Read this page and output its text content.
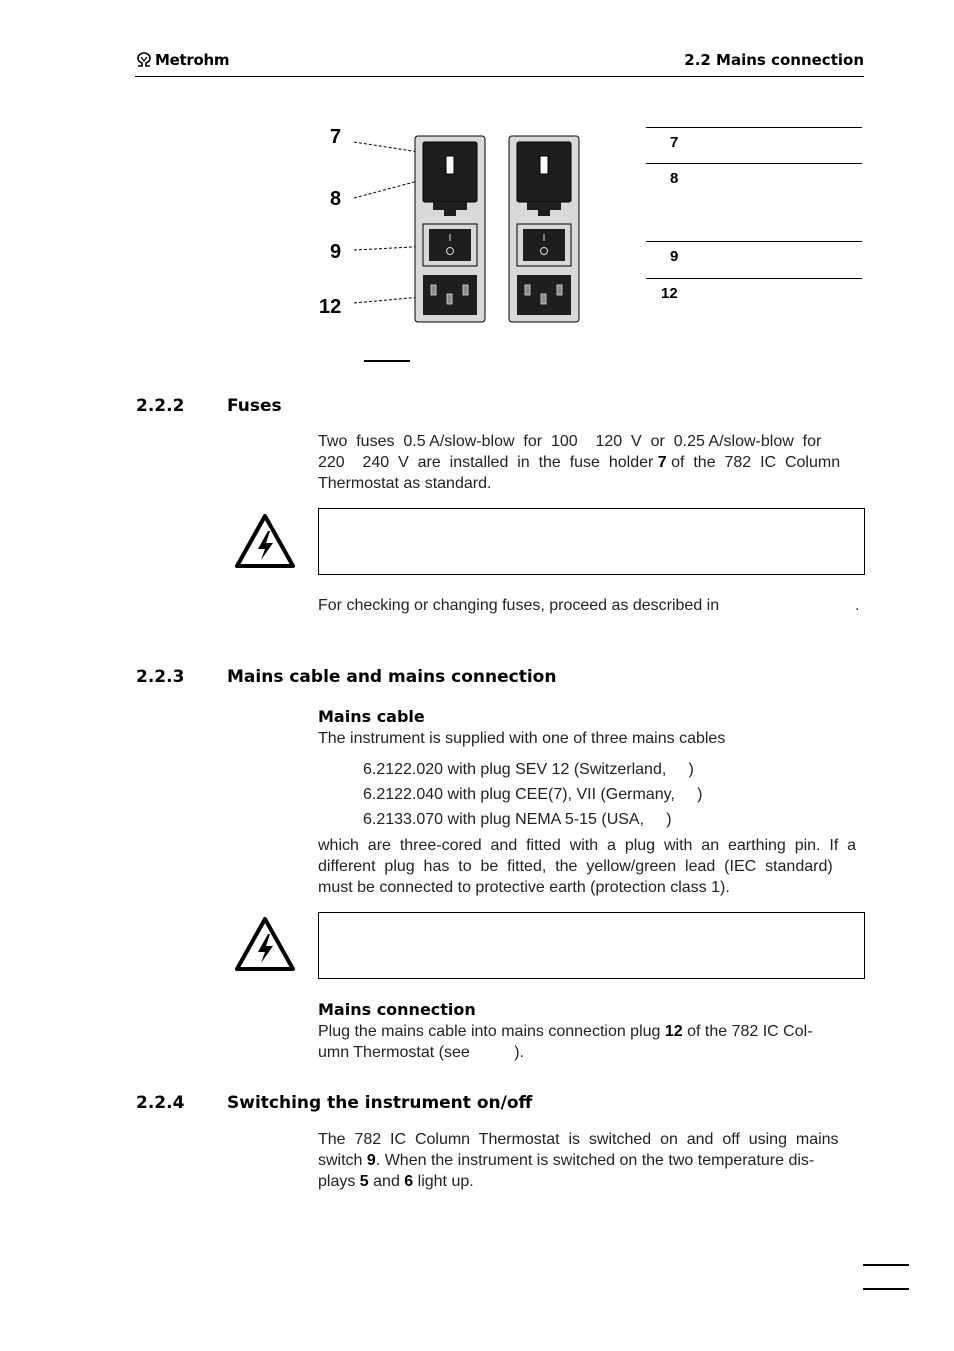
Metrohm	2.2 Mains connection
7
8
9
12
7
8
9
12
2.2.2	Fuses
Two  fuses  0.5 A/slow-blow  for  100    120  V  or  0.25 A/slow-blow  for
220    240  V  are  installed  in  the  fuse  holder 7 of  the  782  IC  Column
Thermostat as standard.
For checking or changing fuses, proceed as described in	.
2.2.3	Mains cable and mains connection
Mains cable
The instrument is supplied with one of three mains cables
6.2122.020 with plug SEV 12 (Switzerland,     )
6.2122.040 with plug CEE(7), VII (Germany,     )
6.2133.070 with plug NEMA 5-15 (USA,     )
which  are  three-cored  and  fitted  with  a  plug  with  an  earthing  pin.  If  a
different  plug  has  to  be  fitted,  the  yellow/green  lead  (IEC  standard)
must be connected to protective earth (protection class 1).
Mains connection
Plug the mains cable into mains connection plug 12 of the 782 IC Col-
umn Thermostat (see          ).
2.2.4	Switching the instrument on/off
The  782  IC  Column  Thermostat  is  switched  on  and  off  using  mains
switch 9. When the instrument is switched on the two temperature dis-
plays 5 and 6 light up.
